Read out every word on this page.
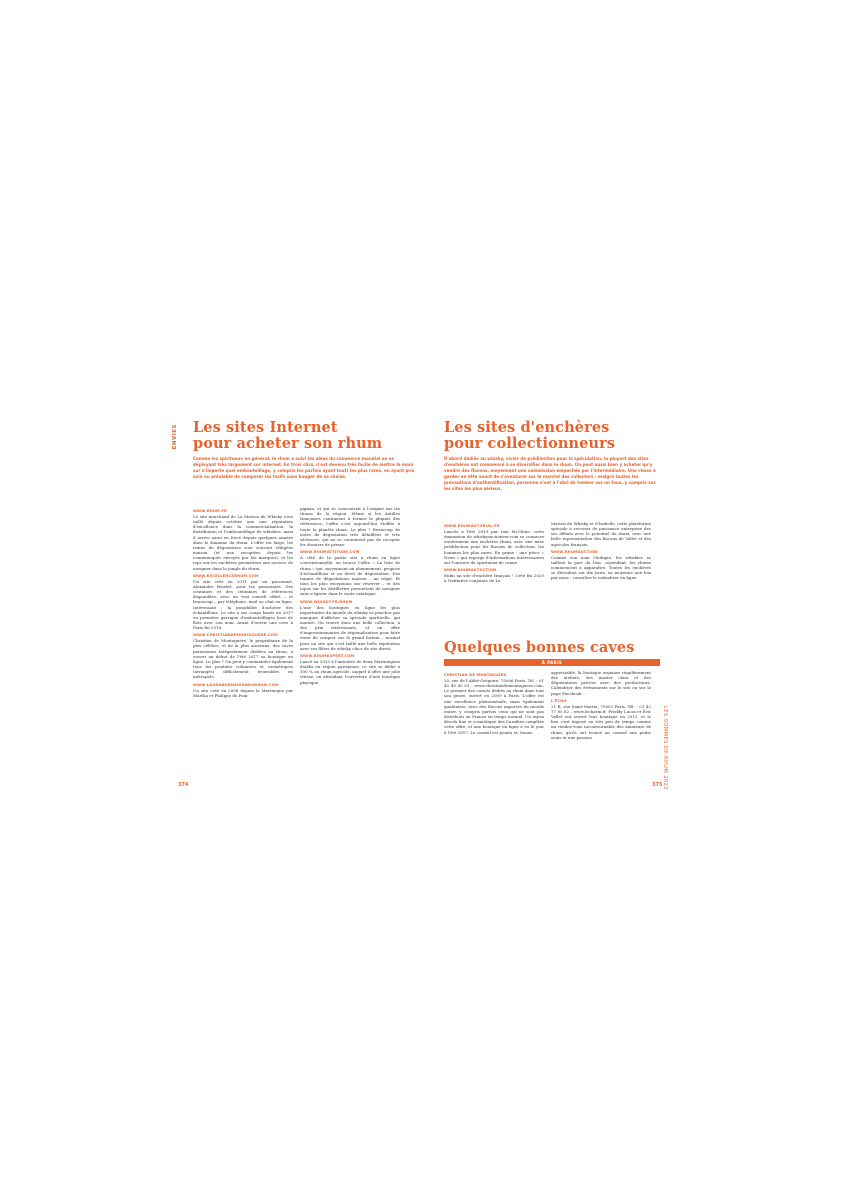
ENVIES Les sites Internet
pour acheter son rhum
Comme les spiritueux en général, le rhum a suivi les aléas du commerce mondial en se déployant très largement sur internet. En trois clics, il est devenu très facile de mettre la main sur n'importe quel embouteillage, y compris les parfois ayant tout) les plus rares, en ayant pris soin au préalable de comparer les tarifs sans bouger de sa chaise.
WWW.RHUM.FR
Le site marchand de La Maison du Whisky s'est taillé depuis octobre une une réputation d'excellence dans la commercialisation, la distribution et l'embouteillage de whiskies, mais il arrive aussi en force depuis quelques années dans le domaine du rhum. L'offre est large, les textes de dégustation sont souvent rédigées maison (et non recopiées depuis les communiqués envoyés par les marques), et les tops sur les enchères permettent aux novices de naviguer dans la jungle du rhum.
WWW.EXCELLENCERHUM.COM
Un site créé en 2011 par un passionné, Alexandre Boudet, pour les passionnés. Des centaines et des centaines de références disponibles, avec un vrai conseil offert – et beaucoup – par téléphone, mail ou chat en ligne. Intéressant : la possibilité d'acheter des échantillons. Le site a ses coups basés en 2017 en première garrigue d'embouteillages hors de flots avec son nom. Avant d'ouvrir une cave à Paris fin 2018.
WWW.CHRISTIANDEMONTAGUERE.COM
Christian de Montaguère, le propriétaire de la plus célèbre, et de la plus ancienne, des caves parisiennes intégralement dédiées au rhum, a ouvert au début de l'été 2017 sa boutique en ligne. Le plus ? On peut y commander également tous les produits culinaires et cosmétiques (arrangés) difficilement trouvables en métropole.
WWW.LAGRANDEMAISONDURHUM.COM
Un site créé en 2008 depuis la Martinique par Martha et Philippe de Pom-
pignan, et qui se concentrait à l'origine sur les rhums de la région. Même si les Antilles françaises continuent à former le plupart des références, l'offre s'est aujourd'hui étoffée à toute la planète rhum. Le plus ? Beaucoup de notes de dégustation très détaillées et très sérieuses, qui ne se contentent pas de recopier les dossiers de presse.
WWW.RHUMATTITUDE.COM
À côté de la partie site à rhum en ligne conventionnelle, on trouve l'offre « La liste de rhum » qui, moyennant un abonnement, propose d'échantillons et un livret de dégustation. Des tonnes de dégustations maison – un régal. Et tous les plus exceptions sur réserver – et des topos sur les distilleries permettent de naviguer sans s'égarer dans le vaste catalogue.
WWW.WHISKY.FR/RHUM
L'une des boutiques en ligne les plus importantes du monde du whisky se pencher pas manquer d'afficher sa spéciale spirituelle, qui montre. On trouve donc une belle collection, à des prix intéressants, et un offre d'impressionnantes de régionalisation pour faire envie de craquer sur le grand format – normal pour un site qui s'est taillé une belle réputation avec ses flûtes de whisky chics de site direct.
WWW.RHUMEXPERT.COM
Lancé en 2013 à l'initiative de deux Martiniquais établis en région parisienne, ce site se dédie à 100 % au rhum agricole, auquel il offre une jolie vitrine, en attendant l'ouverture d'une boutique physique.
374
Les sites d'enchères
pour collectionneurs
D'abord dédiés au whisky, vivier de prédilection pour la spéculation, la plupart des sites d'enchères ont commencé à se diversifier dans le rhum. On peut aussi bien y acheter qu'y vendre des flacons, moyennant une commission empochée par l'intermédiaire. Une chose à garder en tête avant de s'aventurer sur le marché des collectors : malgré toutes les précautions d'authentification, personne n'est à l'abri de tomber sur un faux, y compris sur les sites les plus sérieux.
WWW.RHUMAUTORIAL.FR
Lancée à l'été 2019 par Iain McClune, cette émanation de whiskyauctioneer.com se consacre entièrement aux enchères rhum, avec une mise prédilection pour les flacons de collection, les hommes les plus rares. En prime : une pièce « News » qui regorge d'informations intéressantes sur l'univers du spiritueux de canne.
WWW.RHUMAUTOCTION
Enfin un site d'enchère français ! Créé fin 2020 à l'initiative conjointe de La
Maison du Whisky et d'Isabelle, cette plateforme spéciale à recevoir de puissance entreprise des ses débuts avec le potentiel du rhum, avec une belle représentation des flacons de Vallet et des agricoles français.
WWW.RHUMAUCTION
Comme son nom l'indique, les whiskies se taillent la part du lion, cependant, les rhums commencent à apparaître. Toutes les enchères se déroulent sur dix jours, en moyenne une fois par mois - consultez le calendrier en ligne.
Quelques bonnes caves
À PARIS
CHRISTIAN DE MONTAGUÈRE
20, rue de l'Abbé-Grégoire, 75006 Paris. Tél. : 01 45 49 40 53 – www.christiandemontaguere.com. Le premier des caviste dédiés au rhum dans tout son genre, ouvert en 2009 à Paris. L'offre est une excellence phénoménale, mais également qualitative, avec des flacons importés du monde entier, y compris parfois ceux qui ne sont pas distribués en France en temps normal. Un rayon dévolu fine et cosmétique des Caraïbes complète cette offre, et une boutique en ligne a vu le jour à l'été 2017. Le conseil est pointu et, bonus
appréciable, la boutique organise régulièrement des ateliers, des master class et des dégustations privées avec des producteurs. Calendrier des événements sur le site ou sur la page Facebook.
L'ÉCHO
21 B, rue Saint-Martin, 75003 Paris. Tél. : 01 42 77 85 62 – www.lecharm.fr. Freddy Lucas et Éric Vallet ont ouvert leur boutique en 2011, et le lieu s'est imposé en très peu de temps comme un rendez-vous incontournable des amateurs de rhum, qu'ils ont trouvé un conseil aux petits soins et une passion	LES SOMMES DE RHUM 2022
375
